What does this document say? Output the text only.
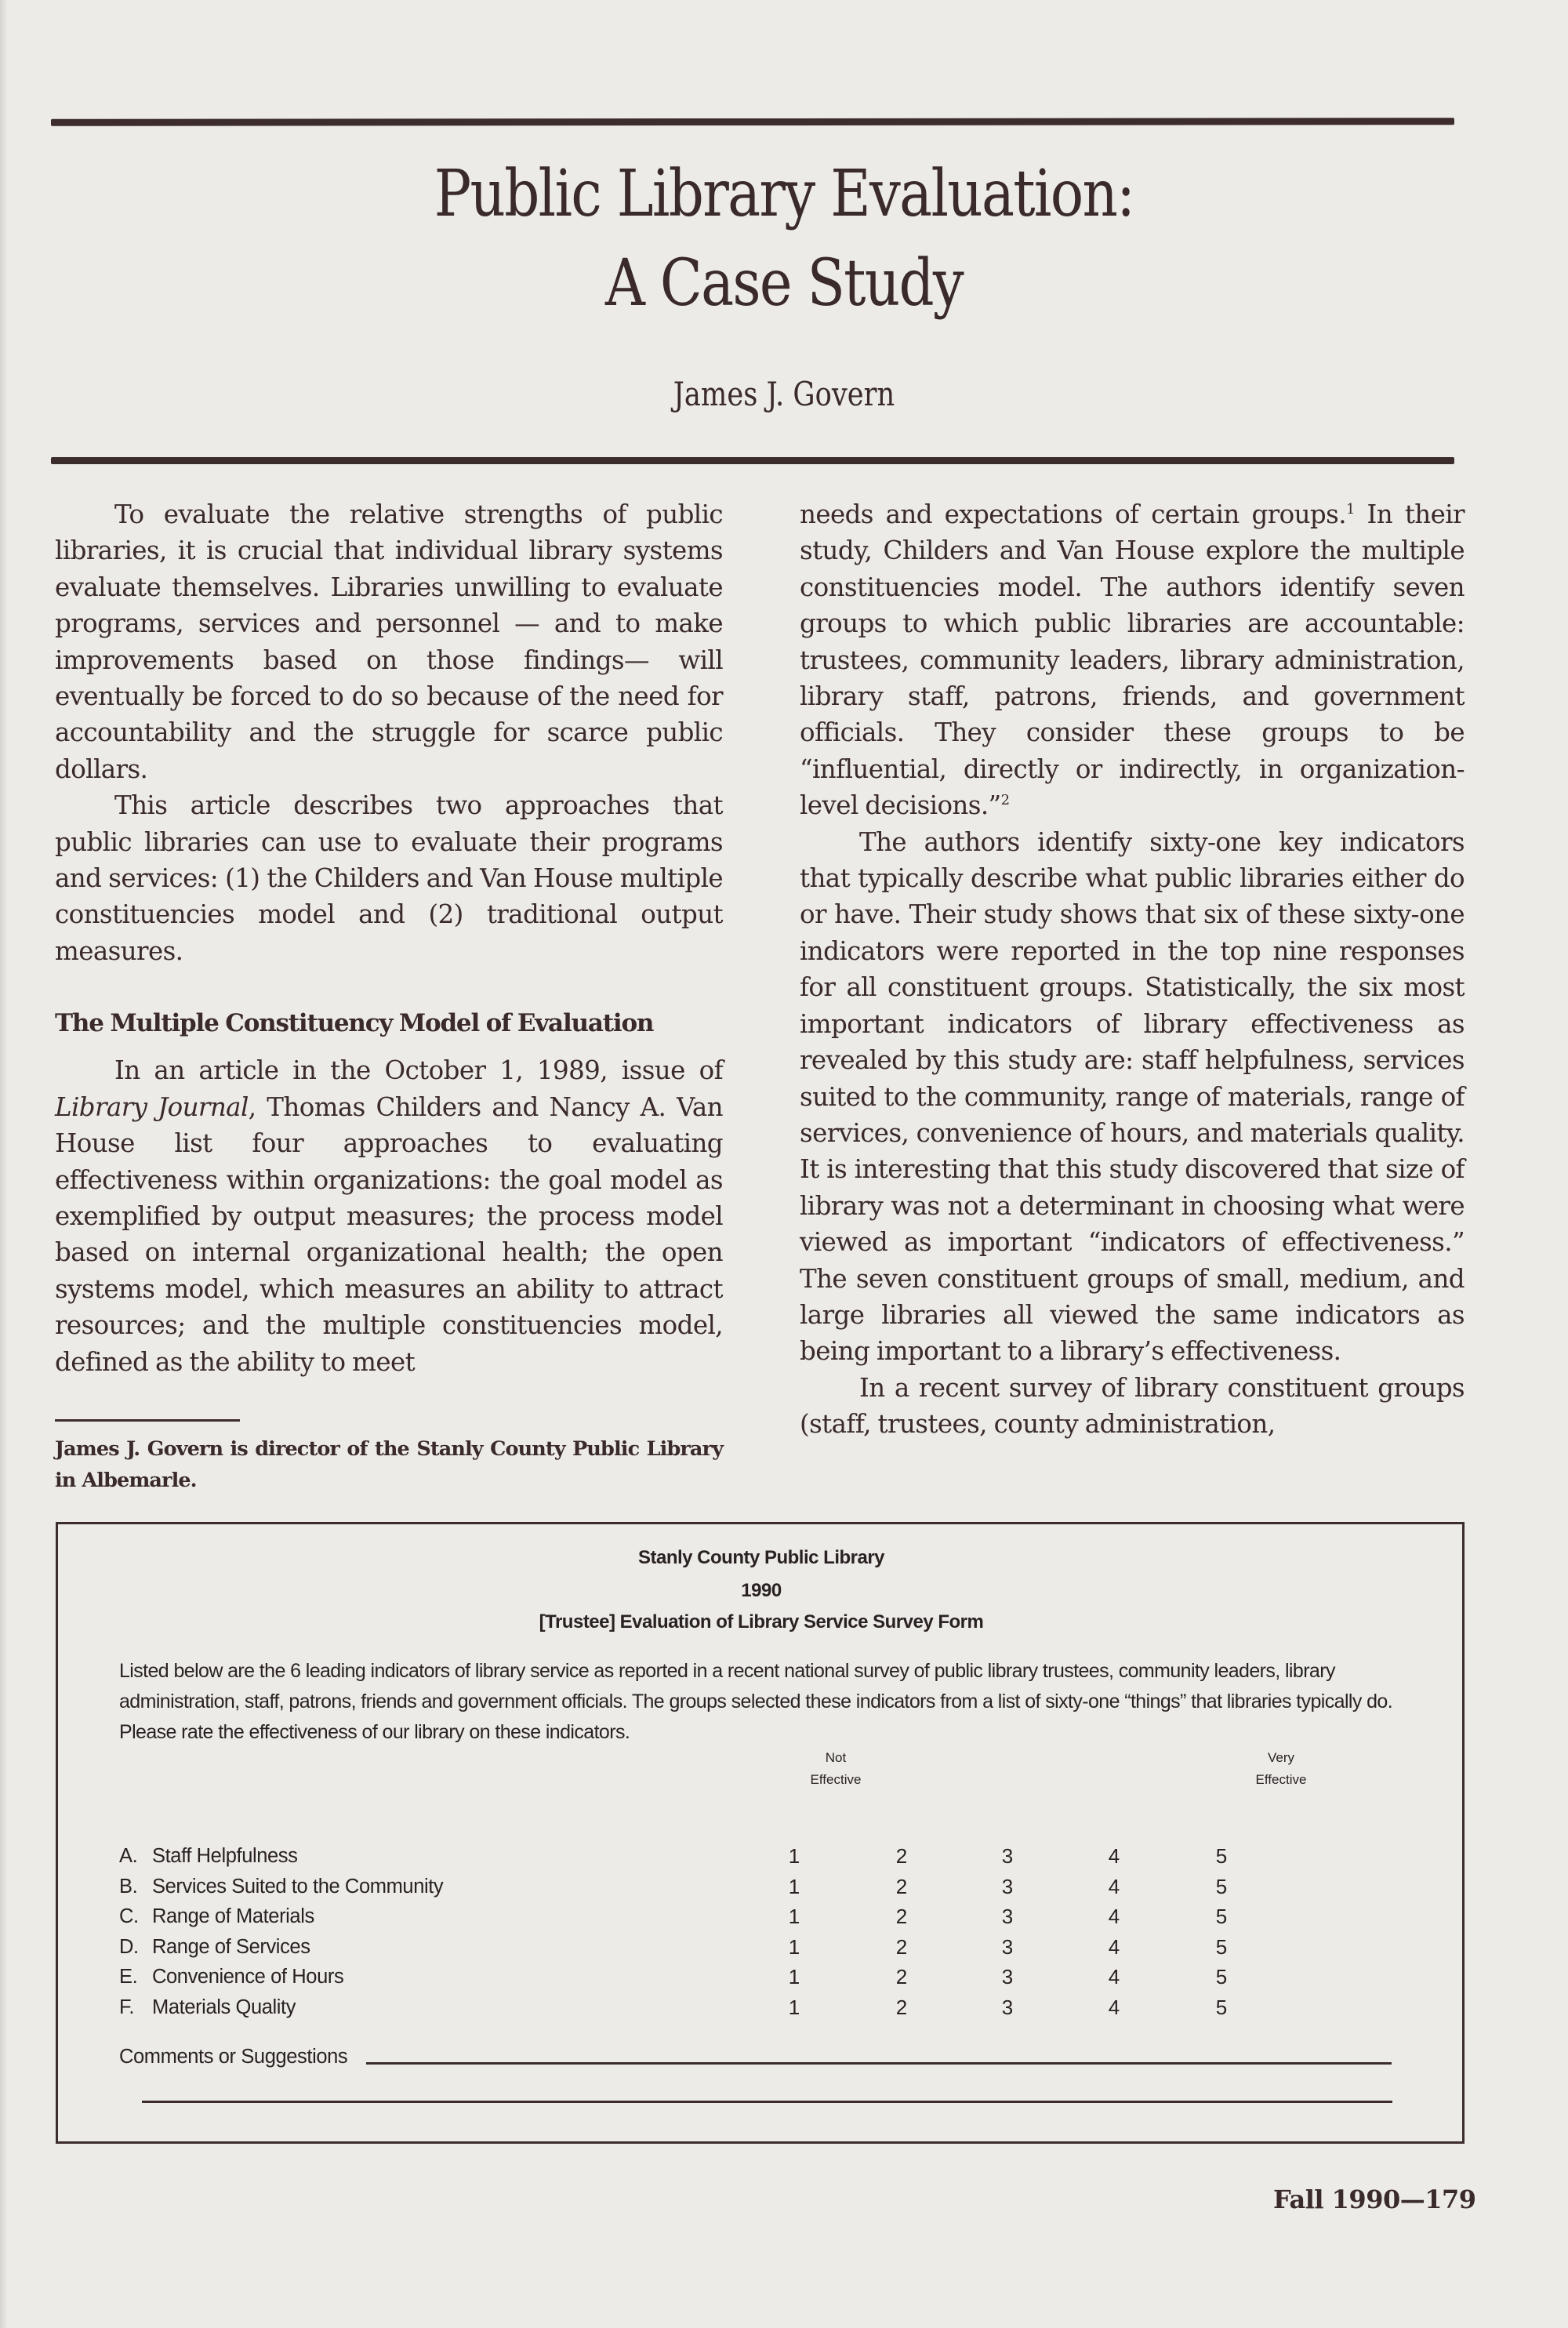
Public Library Evaluation:
A Case Study
James J. Govern

To evaluate the relative strengths of public libraries, it is crucial that individual library systems evaluate themselves. Libraries unwilling to evaluate programs, services and personnel — and to make improvements based on those findings— will eventually be forced to do so because of the need for accountability and the struggle for scarce public dollars.

This article describes two approaches that public libraries can use to evaluate their programs and services: (1) the Childers and Van House multiple constituencies model and (2) traditional output measures.

The Multiple Constituency Model of Evaluation

In an article in the October 1, 1989, issue of Library Journal, Thomas Childers and Nancy A. Van House list four approaches to evaluating effectiveness within organizations: the goal model as exemplified by output measures; the process model based on internal organizational health; the open systems model, which measures an ability to attract resources; and the multiple constituencies model, defined as the ability to meet

James J. Govern is director of the Stanly County Public Library in Albemarle.

needs and expectations of certain groups.$^1$ In their study, Childers and Van House explore the multiple constituencies model. The authors identify seven groups to which public libraries are accountable: trustees, community leaders, library administration, library staff, patrons, friends, and government officials. They consider these groups to be “influential, directly or indirectly, in organization-level decisions.”$^2$

The authors identify sixty-one key indicators that typically describe what public libraries either do or have. Their study shows that six of these sixty-one indicators were reported in the top nine responses for all constituent groups. Statistically, the six most important indicators of library effectiveness as revealed by this study are: staff helpfulness, services suited to the community, range of materials, range of services, convenience of hours, and materials quality. It is interesting that this study discovered that size of library was not a determinant in choosing what were viewed as important “indicators of effectiveness.” The seven constituent groups of small, medium, and large libraries all viewed the same indicators as being important to a library’s effectiveness.

In a recent survey of library constituent groups (staff, trustees, county administration,

Stanly County Public Library
1990
[Trustee] Evaluation of Library Service Survey Form
Listed below are the 6 leading indicators of library service as reported in a recent national survey of public library trustees, community leaders, library administration, staff, patrons, friends and government officials. The groups selected these indicators from a list of sixty-one “things” that libraries typically do. Please rate the effectiveness of our library on these indicators.
Not
Effective
Very
Effective
A. Staff Helpfulness	1	2	3	4	5
B. Services Suited to the Community	1	2	3	4	5
C. Range of Materials	1	2	3	4	5
D. Range of Services	1	2	3	4	5
E. Convenience of Hours	1	2	3	4	5
F. Materials Quality	1	2	3	4	5
Comments or Suggestions
Fall 1990—179
